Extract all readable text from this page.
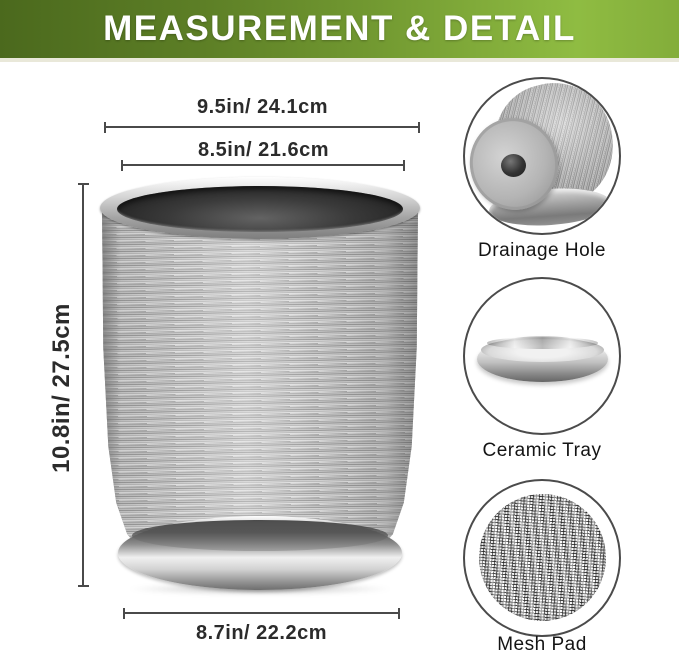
MEASUREMENT & DETAIL
9.5in/ 24.1cm
8.5in/ 21.6cm
10.8in/ 27.5cm
8.7in/ 22.2cm
Drainage Hole
Ceramic Tray
Mesh Pad
